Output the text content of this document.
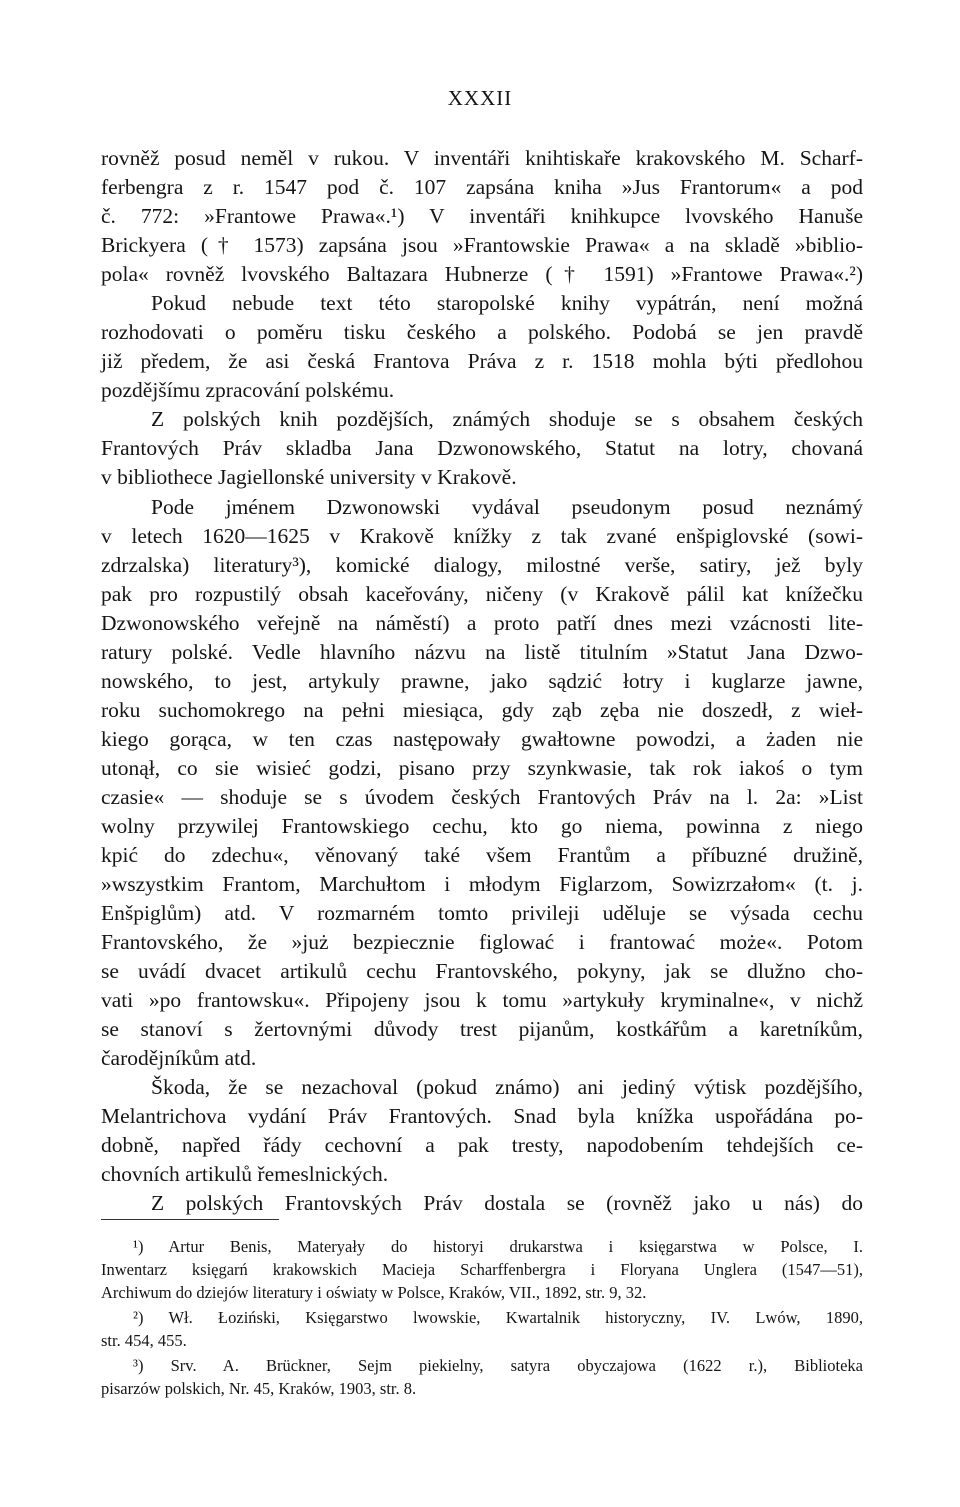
XXXII
rovněž posud neměl v rukou. V inventáři knihtiskaře krakovského M. Scharf-
ferbengra z r. 1547 pod č. 107 zapsána kniha »Jus Frantorum« a pod
č. 772: »Frantowe Prawa«.¹) V inventáři knihkupce lvovského Hanuše
Brickyera († 1573) zapsána jsou »Frantowskie Prawa« a na skladě »biblio-
pola« rovněž lvovského Baltazara Hubnerze († 1591) »Frantowe Prawa«.²)
Pokud nebude text této staropolské knihy vypátrán, není možná
rozhodovati o poměru tisku českého a polského. Podobá se jen pravdě
již předem, že asi česká Frantova Práva z r. 1518 mohla býti předlohou
pozdějšímu zpracování polskému.
Z polských knih pozdějších, známých shoduje se s obsahem českých
Frantových Práv skladba Jana Dzwonowského, Statut na lotry, chovaná
v bibliothece Jagiellonské university v Krakově.
Pode jménem Dzwonowski vydával pseudonym posud neznámý
v letech 1620—1625 v Krakově knížky z tak zvané enšpiglovské (sowi-
zdrzalska) literatury³), komické dialogy, milostné verše, satiry, jež byly
pak pro rozpustilý obsah kaceřovány, ničeny (v Krakově pálil kat knížečku
Dzwonowského veřejně na náměstí) a proto patří dnes mezi vzácnosti lite-
ratury polské. Vedle hlavního názvu na listě titulním »Statut Jana Dzwo-
nowského, to jest, artykuly prawne, jako sądzić łotry i kuglarze jawne,
roku suchomokrego na pełni miesiąca, gdy ząb zęba nie doszedł, z wieł-
kiego gorąca, w ten czas następowały gwałtowne powodzi, a żaden nie
utonął, co sie wisieć godzi, pisano przy szynkwasie, tak rok iakoś o tym
czasie« — shoduje se s úvodem českých Frantových Práv na l. 2a: »List
wolny przywilej Frantowskiego cechu, kto go niema, powinna z niego
kpić do zdechu«, věnovaný také všem Frantům a příbuzné družině,
»wszystkim Frantom, Marchułtom i młodym Figlarzom, Sowizrzałom« (t. j.
Enšpiglům) atd. V rozmarném tomto privileji uděluje se výsada cechu
Frantovského, že »już bezpiecznie figlować i frantować może«. Potom
se uvádí dvacet artikulů cechu Frantovského, pokyny, jak se dlužno cho-
vati »po frantowsku«. Připojeny jsou k tomu »artykuły kryminalne«, v nichž
se stanoví s žertovnými důvody trest pijanům, kostkářům a karetníkům,
čarodějníkům atd.
Škoda, že se nezachoval (pokud známo) ani jediný výtisk pozdějšího,
Melantrichova vydání Práv Frantových. Snad byla knížka uspořádána po-
dobně, napřed řády cechovní a pak tresty, napodobením tehdejších ce-
chovních artikulů řemeslnických.
Z polských Frantovských Práv dostala se (rovněž jako u nás) do
¹) Artur Benis, Materyały do historyi drukarstwa i księgarstwa w Polsce, I.
Inwentarz księgarń krakowskich Macieja Scharffenbergra i Floryana Unglera (1547—51),
Archiwum do dziejów literatury i oświaty w Polsce, Kraków, VII., 1892, str. 9, 32.
²) Wł. Łoziński, Księgarstwo lwowskie, Kwartalnik historyczny, IV. Lwów, 1890,
str. 454, 455.
³) Srv. A. Brückner, Sejm piekielny, satyra obyczajowa (1622 r.), Biblioteka
pisarzów polskich, Nr. 45, Kraków, 1903, str. 8.
